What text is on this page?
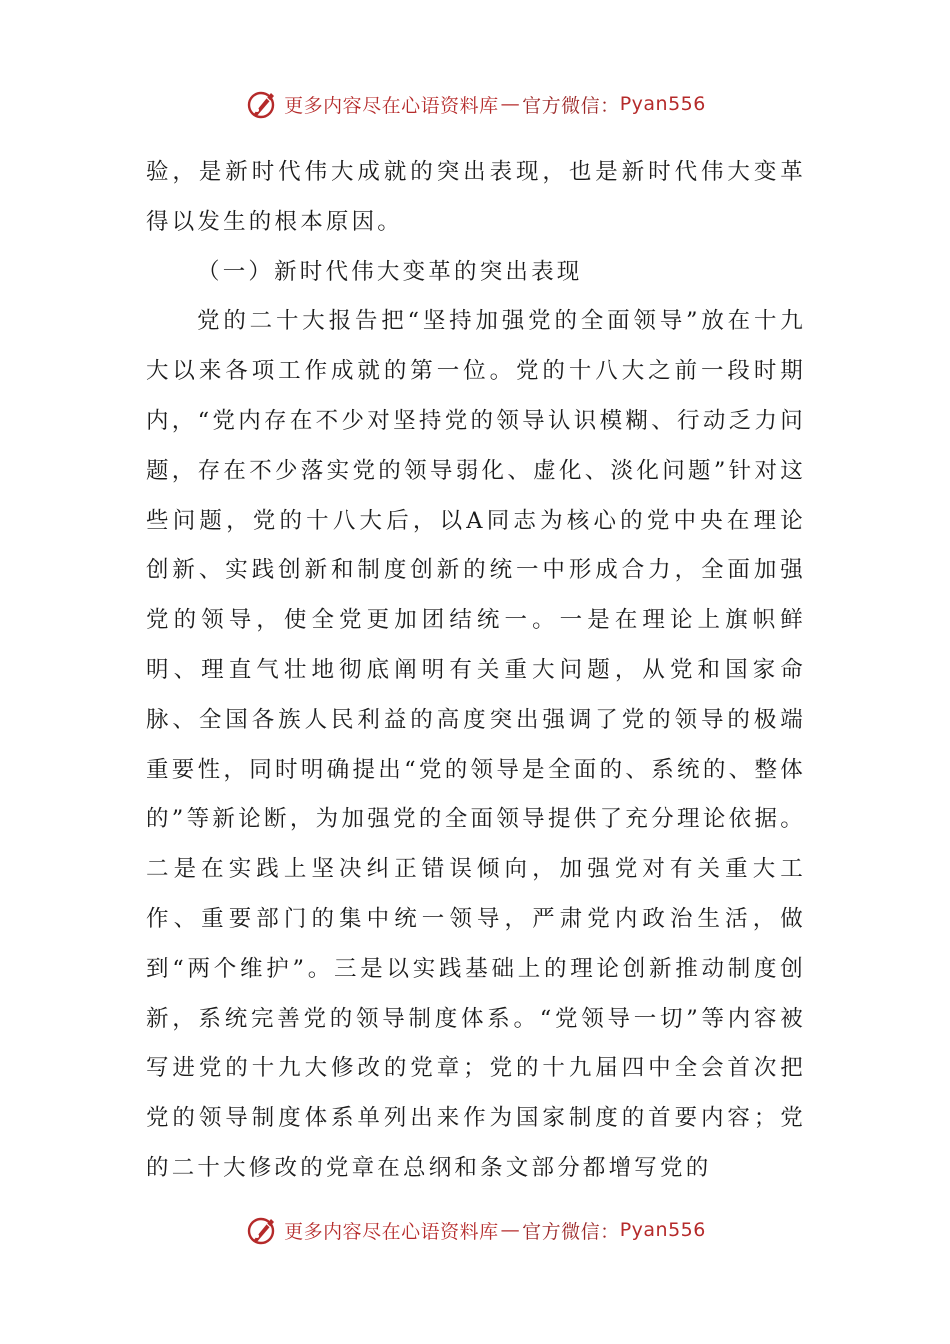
更多内容尽在心语资料库 — 官方微信： Pyan556

验，是新时代伟大成就的突出表现，也是新时代伟大变革得以发生的根本原因。

（一）新时代伟大变革的突出表现

党的二十大报告把“坚持加强党的全面领导”放在十九大以来各项工作成就的第一位。党的十八大之前一段时期内，“党内存在不少对坚持党的领导认识模糊、行动乏力问题，存在不少落实党的领导弱化、虚化、淡化问题”针对这些问题，党的十八大后，以A同志为核心的党中央在理论创新、实践创新和制度创新的统一中形成合力，全面加强党的领导，使全党更加团结统一。一是在理论上旗帜鲜明、理直气壮地彻底阐明有关重大问题，从党和国家命脉、全国各族人民利益的高度突出强调了党的领导的极端重要性，同时明确提出“党的领导是全面的、系统的、整体的”等新论断，为加强党的全面领导提供了充分理论依据。二是在实践上坚决纠正错误倾向，加强党对有关重大工作、重要部门的集中统一领导，严肃党内政治生活，做到“两个维护”。三是以实践基础上的理论创新推动制度创新，系统完善党的领导制度体系。“党领导一切”等内容被写进党的十九大修改的党章；党的十九届四中全会首次把党的领导制度体系单列出来作为国家制度的首要内容；党的二十大修改的党章在总纲和条文部分都增写党的

更多内容尽在心语资料库 — 官方微信： Pyan556
